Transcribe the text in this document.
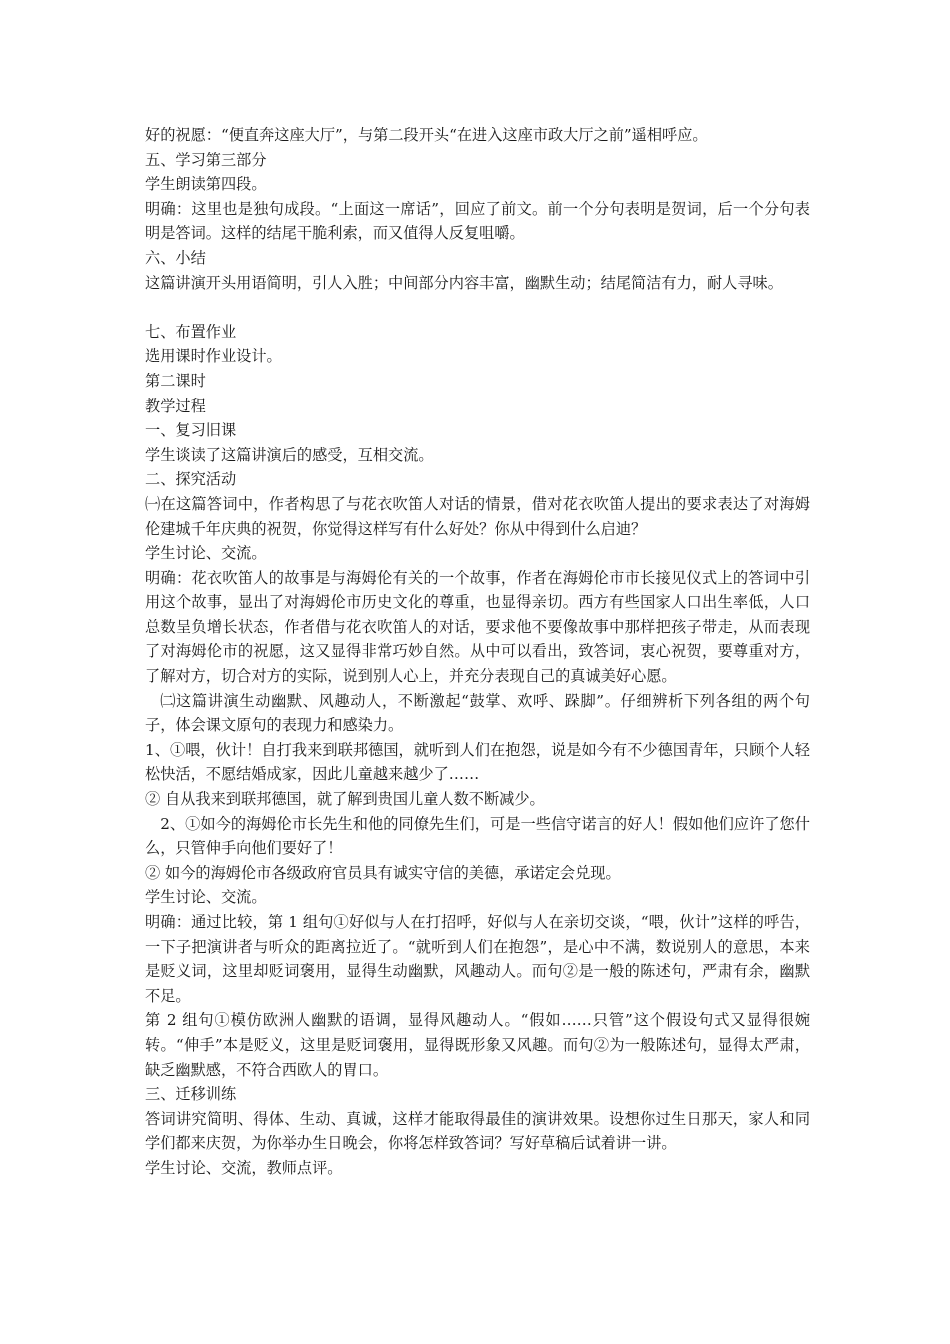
好的祝愿：“便直奔这座大厅”，与第二段开头“在进入这座市政大厅之前”遥相呼应。
五、学习第三部分
学生朗读第四段。
明确：这里也是独句成段。“上面这一席话”，回应了前文。前一个分句表明是贺词，后一个分句表明是答词。这样的结尾干脆利索，而又值得人反复咀嚼。
六、小结
这篇讲演开头用语简明，引人入胜；中间部分内容丰富，幽默生动；结尾简洁有力，耐人寻味。
七、布置作业
选用课时作业设计。
第二课时
教学过程
一、复习旧课
学生谈读了这篇讲演后的感受，互相交流。
二、探究活动
㈠在这篇答词中，作者构思了与花衣吹笛人对话的情景，借对花衣吹笛人提出的要求表达了对海姆伦建城千年庆典的祝贺，你觉得这样写有什么好处？你从中得到什么启迪？
学生讨论、交流。
明确：花衣吹笛人的故事是与海姆伦有关的一个故事，作者在海姆伦市市长接见仪式上的答词中引用这个故事，显出了对海姆伦市历史文化的尊重，也显得亲切。西方有些国家人口出生率低，人口总数呈负增长状态，作者借与花衣吹笛人的对话，要求他不要像故事中那样把孩子带走，从而表现了对海姆伦市的祝愿，这又显得非常巧妙自然。从中可以看出，致答词，衷心祝贺，要尊重对方，了解对方，切合对方的实际，说到别人心上，并充分表现自己的真诚美好心愿。
㈡这篇讲演生动幽默、风趣动人，不断激起“鼓掌、欢呼、跺脚”。仔细辨析下列各组的两个句子，体会课文原句的表现力和感染力。
1、①喂，伙计！自打我来到联邦德国，就听到人们在抱怨，说是如今有不少德国青年，只顾个人轻松快活，不愿结婚成家，因此儿童越来越少了……
② 自从我来到联邦德国，就了解到贵国儿童人数不断减少。
2、①如今的海姆伦市长先生和他的同僚先生们，可是一些信守诺言的好人！假如他们应许了您什么，只管伸手向他们要好了！
② 如今的海姆伦市各级政府官员具有诚实守信的美德，承诺定会兑现。
学生讨论、交流。
明确：通过比较，第 1 组句①好似与人在打招呼，好似与人在亲切交谈，“喂，伙计”这样的呼告，一下子把演讲者与听众的距离拉近了。“就听到人们在抱怨”，是心中不满，数说别人的意思，本来是贬义词，这里却贬词褒用，显得生动幽默，风趣动人。而句②是一般的陈述句，严肃有余，幽默不足。
第 2 组句①模仿欧洲人幽默的语调，显得风趣动人。“假如……只管”这个假设句式又显得很婉转。“伸手”本是贬义，这里是贬词褒用，显得既形象又风趣。而句②为一般陈述句，显得太严肃，缺乏幽默感，不符合西欧人的胃口。
三、迁移训练
答词讲究简明、得体、生动、真诚，这样才能取得最佳的演讲效果。设想你过生日那天，家人和同学们都来庆贺，为你举办生日晚会，你将怎样致答词？写好草稿后试着讲一讲。
学生讨论、交流，教师点评。
